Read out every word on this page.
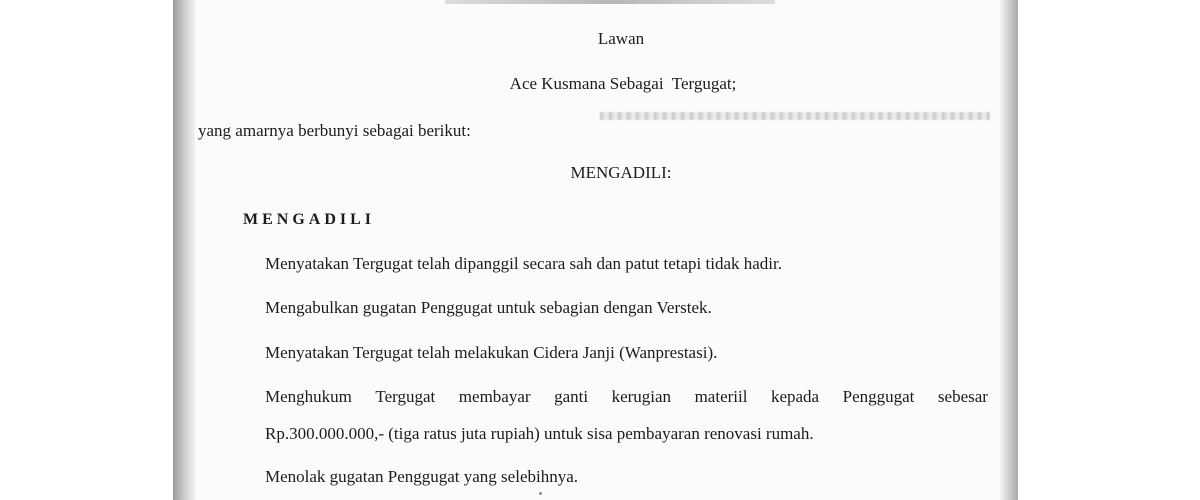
Lawan
Ace Kusmana Sebagai  Tergugat;
yang amarnya berbunyi sebagai berikut:
MENGADILI:
MENGADILI
Menyatakan Tergugat telah dipanggil secara sah dan patut tetapi tidak hadir.
Mengabulkan gugatan Penggugat untuk sebagian dengan Verstek.
Menyatakan Tergugat telah melakukan Cidera Janji (Wanprestasi).
Menghukum Tergugat membayar ganti kerugian materiil kepada Penggugat sebesar
Rp.300.000.000,- (tiga ratus juta rupiah) untuk sisa pembayaran renovasi rumah.
Menolak gugatan Penggugat yang selebihnya.
